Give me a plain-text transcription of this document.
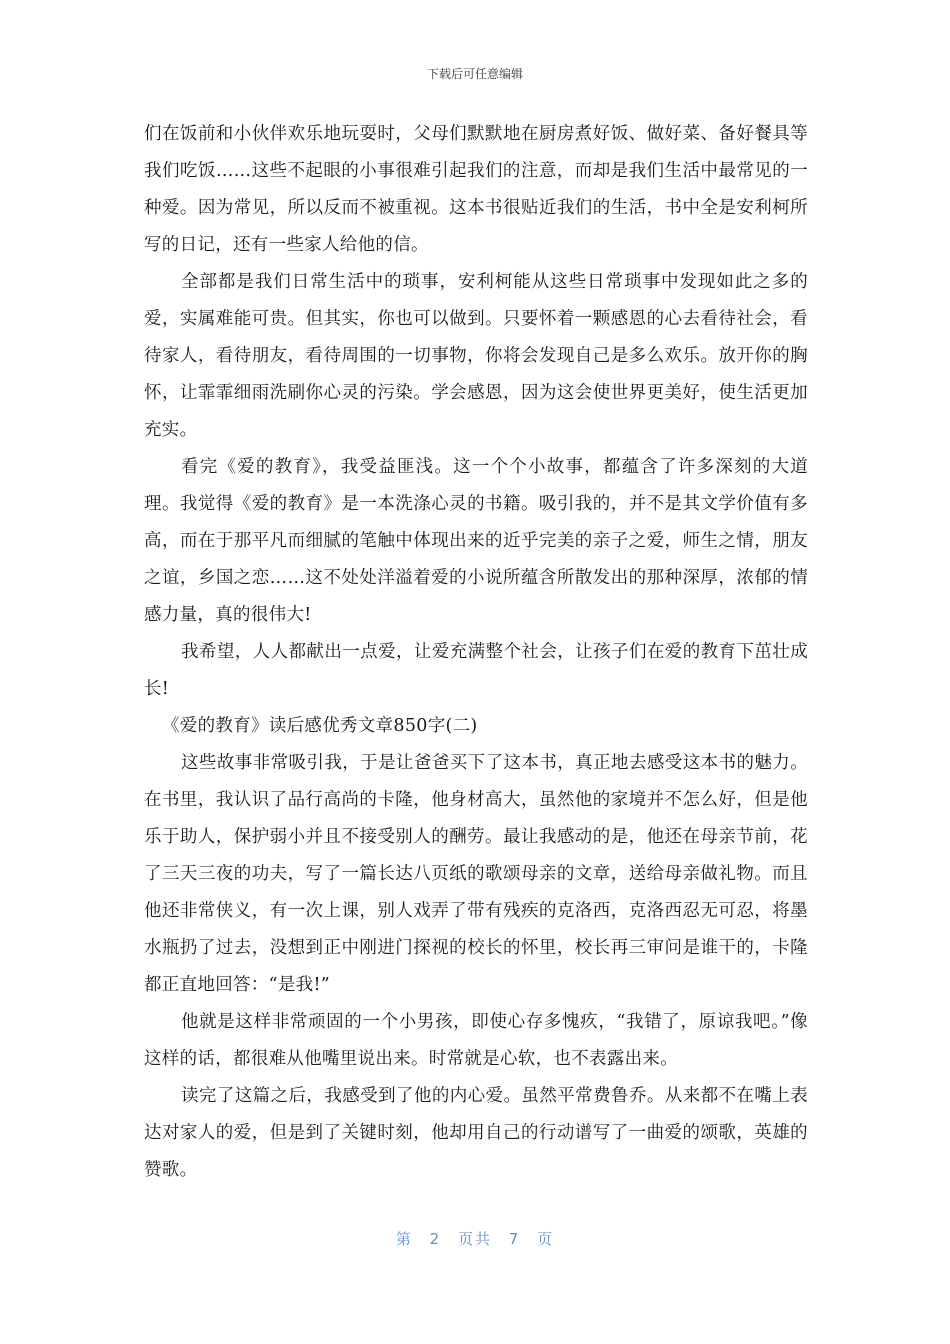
下载后可任意编辑

们在饭前和小伙伴欢乐地玩耍时，父母们默默地在厨房煮好饭、做好菜、备好餐具等我们吃饭……这些不起眼的小事很难引起我们的注意，而却是我们生活中最常见的一种爱。因为常见，所以反而不被重视。这本书很贴近我们的生活，书中全是安利柯所写的日记，还有一些家人给他的信。

全部都是我们日常生活中的琐事，安利柯能从这些日常琐事中发现如此之多的爱，实属难能可贵。但其实，你也可以做到。只要怀着一颗感恩的心去看待社会，看待家人，看待朋友，看待周围的一切事物，你将会发现自己是多么欢乐。放开你的胸怀，让霏霏细雨洗刷你心灵的污染。学会感恩，因为这会使世界更美好，使生活更加充实。

看完《爱的教育》，我受益匪浅。这一个个小故事，都蕴含了许多深刻的大道理。我觉得《爱的教育》是一本洗涤心灵的书籍。吸引我的，并不是其文学价值有多高，而在于那平凡而细腻的笔触中体现出来的近乎完美的亲子之爱，师生之情，朋友之谊，乡国之恋……这不处处洋溢着爱的小说所蕴含所散发出的那种深厚，浓郁的情感力量，真的很伟大!

我希望，人人都献出一点爱，让爱充满整个社会，让孩子们在爱的教育下茁壮成长!

《爱的教育》读后感优秀文章850字(二)

这些故事非常吸引我，于是让爸爸买下了这本书，真正地去感受这本书的魅力。在书里，我认识了品行高尚的卡隆，他身材高大，虽然他的家境并不怎么好，但是他乐于助人，保护弱小并且不接受别人的酬劳。最让我感动的是，他还在母亲节前，花了三天三夜的功夫，写了一篇长达八页纸的歌颂母亲的文章，送给母亲做礼物。而且他还非常侠义，有一次上课，别人戏弄了带有残疾的克洛西，克洛西忍无可忍，将墨水瓶扔了过去，没想到正中刚进门探视的校长的怀里，校长再三审问是谁干的，卡隆都正直地回答：“是我!”

他就是这样非常顽固的一个小男孩，即使心存多愧疚，“我错了，原谅我吧。”像这样的话，都很难从他嘴里说出来。时常就是心软，也不表露出来。

读完了这篇之后，我感受到了他的内心爱。虽然平常费鲁乔。从来都不在嘴上表达对家人的爱，但是到了关键时刻，他却用自己的行动谱写了一曲爱的颂歌，英雄的赞歌。

第 2 页共 7 页
